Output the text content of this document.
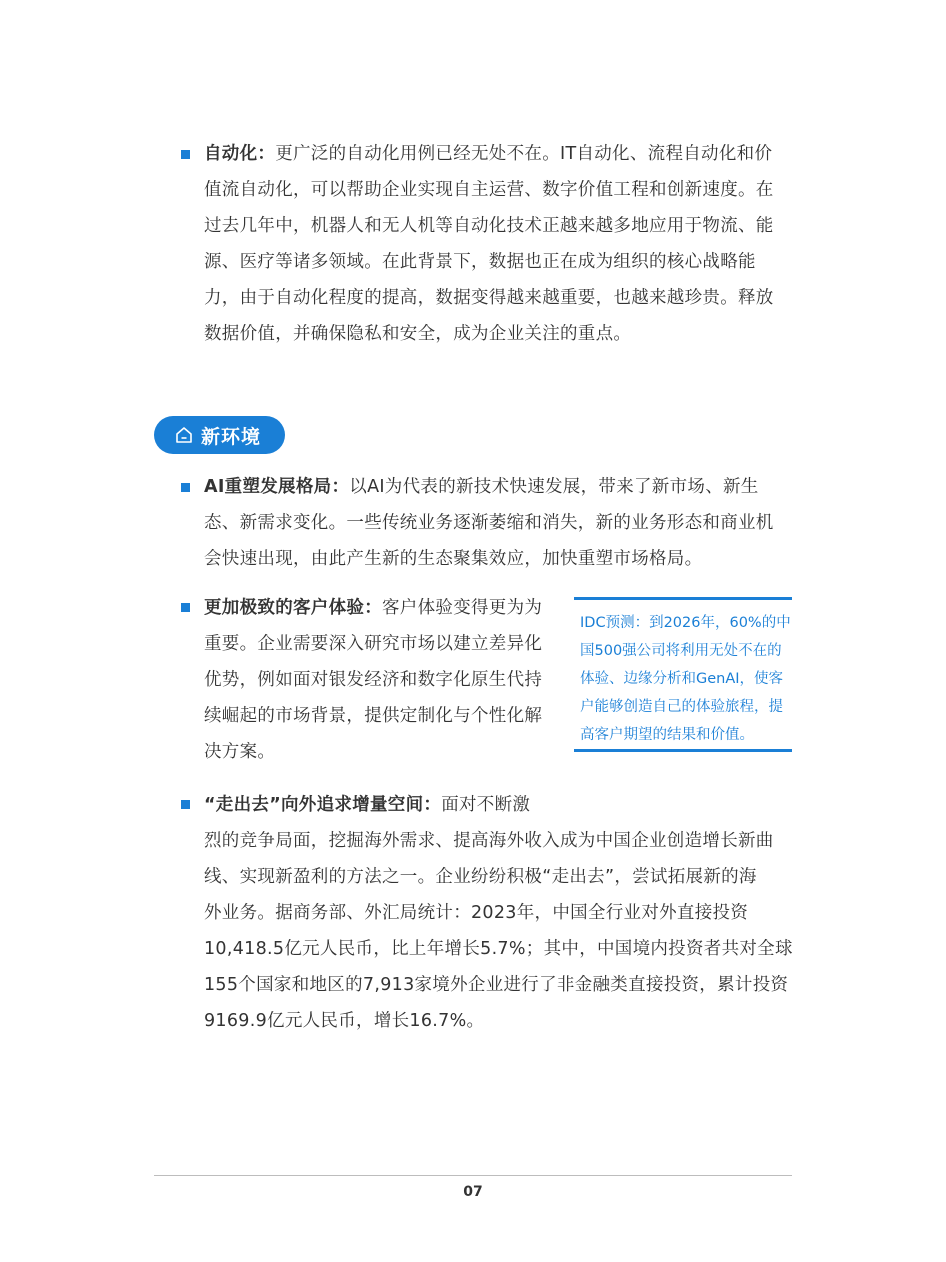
自动化：更广泛的自动化用例已经无处不在。IT自动化、流程自动化和价
值流自动化，可以帮助企业实现自主运营、数字价值工程和创新速度。在
过去几年中，机器人和无人机等自动化技术正越来越多地应用于物流、能
源、医疗等诸多领域。在此背景下，数据也正在成为组织的核心战略能
力，由于自动化程度的提高，数据变得越来越重要，也越来越珍贵。释放
数据价值，并确保隐私和安全，成为企业关注的重点。
新环境
AI重塑发展格局：以AI为代表的新技术快速发展，带来了新市场、新生
态、新需求变化。一些传统业务逐渐萎缩和消失，新的业务形态和商业机
会快速出现，由此产生新的生态聚集效应，加快重塑市场格局。
更加极致的客户体验：客户体验变得更为为
重要。企业需要深入研究市场以建立差异化
优势，例如面对银发经济和数字化原生代持
续崛起的市场背景，提供定制化与个性化解
决方案。
IDC预测：到2026年，60%的中
国500强公司将利用无处不在的
体验、边缘分析和GenAI，使客
户能够创造自己的体验旅程，提
高客户期望的结果和价值。
“走出去”向外追求增量空间：面对不断激
烈的竞争局面，挖掘海外需求、提高海外收入成为中国企业创造增长新曲
线、实现新盈利的方法之一。企业纷纷积极“走出去”，尝试拓展新的海
外业务。据商务部、外汇局统计：2023年，中国全行业对外直接投资
10,418.5亿元人民币，比上年增长5.7%；其中，中国境内投资者共对全球
155个国家和地区的7,913家境外企业进行了非金融类直接投资，累计投资
9169.9亿元人民币，增长16.7%。
07
